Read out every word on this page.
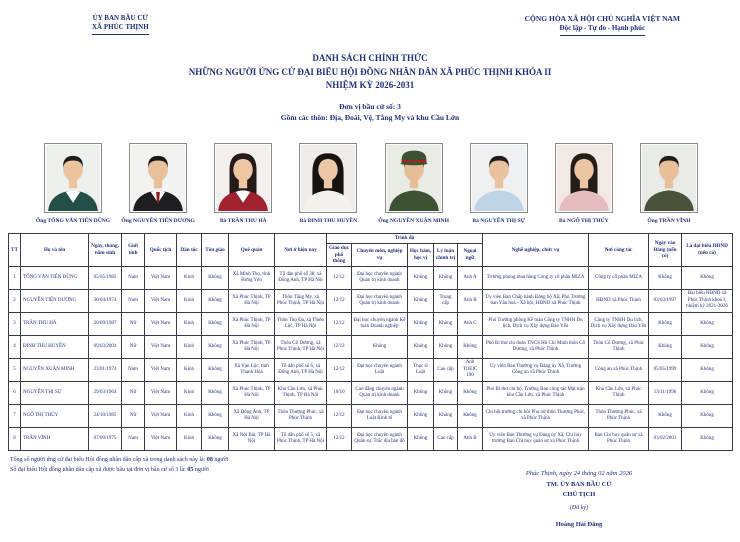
ỦY BAN BẦU CỬ
XÃ PHÚC THỊNH
CỘNG HÒA XÃ HỘI CHỦ NGHĨA VIỆT NAM
Độc lập - Tự do - Hạnh phúc
DANH SÁCH CHÍNH THỨC
NHỮNG NGƯỜI ỨNG CỬ ĐẠI BIỂU HỘI ĐỒNG NHÂN DÂN XÃ PHÚC THỊNH KHÓA II
NHIỆM KỲ 2026-2031
Đơn vị bầu cử số: 3
Gồm các thôn: Địa, Đoài, Vệ, Tằng My và khu Cầu Lớn
Ông TỐNG VĂN TIẾN DŨNG Ông NGUYỄN TIẾN DƯƠNG	Bà TRẦN THU HÀ	Bà ĐINH THU HUYỀN	Ông NGUYỄN XUÂN MINH	Bà NGUYỄN THỊ SỰ	Bà NGÔ THỊ THÚY	Ông TRẦN VĨNH
TT	Họ và tên	Ngày, tháng, năm sinh	Giới tính	Quốc tịch	Dân tộc	Tôn giáo	Quê quán	Nơi ở hiện nay	Trình độ					Nghề nghiệp, chức vụ	Nơi công tác	Ngày vào Đảng (nếu có)	Là đại biểu HĐND (nếu có)
									Giáo dục phổ thông	Chuyên môn, nghiệp vụ	Học hàm, học vị	Lý luận chính trị	Ngoại ngữ				
1	TỐNG VĂN TIẾN DŨNG	05/05/1985	Nam	Việt Nam	Kinh	Không	Xã Minh Thọ, tỉnh Hưng Yên	Tổ dân phố số 38, xã Đông Anh, TP Hà Nội	12/12	Đại học chuyên ngành Quản trị kinh doanh	Không	Không	Anh A	Trưởng phòng mua hàng Công ty cổ phần MIZA	Công ty cổ phần MIZA	Không	Không
2	NGUYỄN TIẾN DƯƠNG	30/04/1974	Nam	Việt Nam	Kinh	Không	Xã Phúc Thịnh, TP Hà Nội	Thôn Tằng My, xã Phúc Thịnh, TP Hà Nội	12/12	Đại học chuyên ngành Quản trị kinh doanh	Không	Trung cấp	Anh B	Ủy viên Ban Chấp hành Đảng bộ Xã; Phó Trưởng ban Văn hoá - Xã hội, HĐND xã Phúc Thịnh	HĐND xã Phúc Thịnh	03/03/1997	Đại biểu HĐND xã Phúc Thịnh khoá I, nhiệm kỳ 2021-2026
3	TRẦN THU HÀ	20/09/1987	Nữ	Việt Nam	Kinh	Không	Xã Phúc Thịnh, TP Hà Nội	Thôn Thọ Đa, xã Thiên Lộc, TP Hà Nội	12/12	Đại học chuyên ngành Kế toán Doanh nghiệp	Không	Không	Anh C	Phó Trưởng phòng Kế toán Công ty TNHH Du lịch, Dịch vụ Xây dựng Bảo Yến	Công ty TNHH Du lịch, Dịch vụ Xây dựng Bảo Yến	Không	Không
4	ĐINH THU HUYỀN	09/03/2004	Nữ	Việt Nam	Kinh	Không	Xã Phúc Thịnh, TP Hà Nội	Thôn Cổ Dương, xã Phúc Thịnh, TP Hà Nội	12/12	Không	Không	Không	Không	Phó Bí thư chi đoàn TNCS Hồ Chí Minh thôn Cổ Dương, xã Phúc Thịnh	Thôn Cổ Dương, xã Phúc Thịnh	Không	Không
5	NGUYỄN XUÂN MINH	23/01/1974	Nam	Việt Nam	Kinh	Không	Xã Vạn Lộc, tỉnh Thanh Hóa	Tổ dân phố số 6, xã Đông Anh, TP Hà Nội	12/12	Đại học chuyên ngành Luật	Thạc sĩ Luật	Cao cấp	Anh TOEIC 190	Ủy viên Ban Thường vụ Đảng ủy Xã, Trưởng Công an xã Phúc Thịnh	Công an xã Phúc Thịnh	05/05/1999	Không
6	NGUYỄN THỊ SỰ	29/03/1964	Nữ	Việt Nam	Kinh	Không	Xã Phúc Thịnh, TP Hà Nội	Khu Cầu Lớn, xã Phúc Thịnh, TP Hà Nội	10/10	Cao đẳng chuyên ngành Quản trị kinh doanh	Không	Không	Không	Phó Bí thư chi bộ, Trưởng Ban công tác Mặt trận khu Cầu Lớn, xã Phúc Thịnh	Khu Cầu Lớn, xã Phúc Thịnh	13/11/1996	Không
7	NGÔ THỊ THÚY	24/10/1985	Nữ	Việt Nam	Kinh	Không	Xã Đông Anh, TP Hà Nội	Thôn Thượng Phúc, xã Phúc Thịnh	12/12	Đại học chuyên ngành Luật Kinh tế	Không	Không	Không	Chi hội trưởng chi hội Phụ nữ thôn Thượng Phúc, xã Phúc Thịnh	Thôn Thượng Phúc, xã Phúc Thịnh	Không	Không
8	TRẦN VĨNH	07/09/1975	Nam	Việt Nam	Kinh	Không	Xã Nội Bài, TP Hà Nội	Tổ dân phố số 5, xã Phúc Thịnh, TP Hà Nội	12/12	Đại học chuyên ngành Quân sự, Trắc địa bản đồ	Không	Cao cấp	Anh B	Ủy viên Ban Thường vụ Đảng ủy Xã, Chỉ huy trưởng Ban Chỉ huy quân sự xã Phúc Thịnh	Ban Chỉ huy quân sự xã Phúc Thịnh	03/02/2001	Không
Tổng số người ứng cử đại biểu Hội đồng nhân dân cấp xã trong danh sách này là: 08 người
Số đại biểu Hội đồng nhân dân cấp xã được bầu tại đơn vị bầu cử số 3 là: 05 người
Phúc Thịnh, ngày 24 tháng 02 năm 2026
TM. ỦY BAN BẦU CỬ
CHỦ TỊCH
(Đã ký)
Hoàng Hải Đăng
